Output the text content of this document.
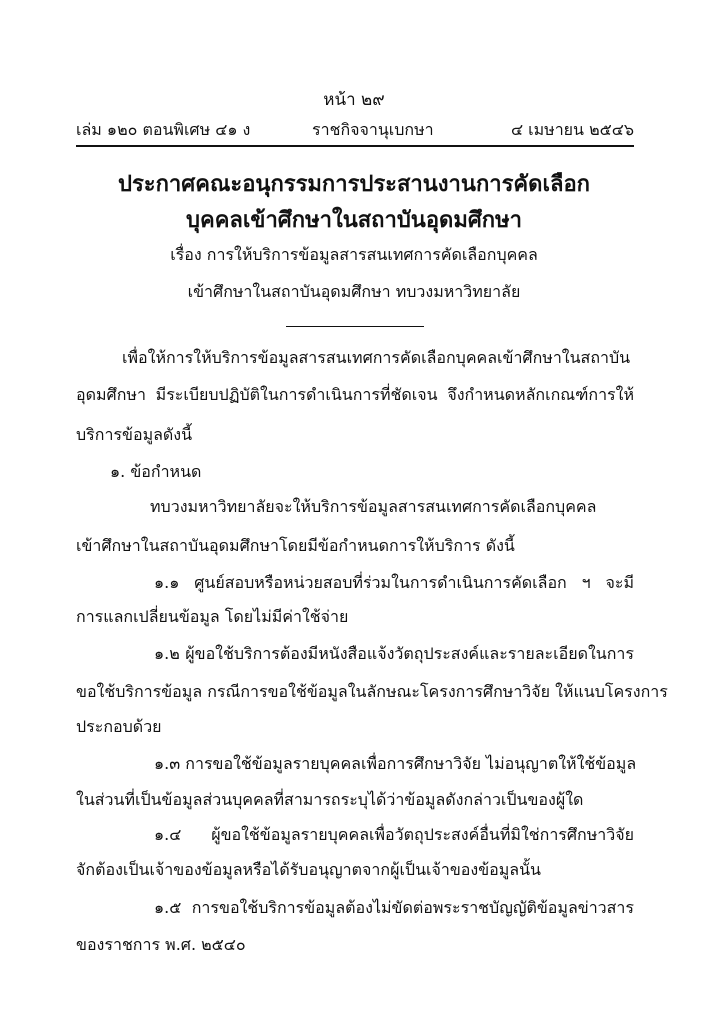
หน้า ๒๙
เล่ม ๑๒๐ ตอนพิเศษ ๔๑ ง	ราชกิจจานุเบกษา	๔ เมษายน ๒๕๔๖
ประกาศคณะอนุกรรมการประสานงานการคัดเลือก
บุคคลเข้าศึกษาในสถาบันอุดมศึกษา
เรื่อง การให้บริการข้อมูลสารสนเทศการคัดเลือกบุคคล
เข้าศึกษาในสถาบันอุดมศึกษา ทบวงมหาวิทยาลัย
เพื่อให้การให้บริการข้อมูลสารสนเทศการคัดเลือกบุคคลเข้าศึกษาในสถาบัน
อุดมศึกษา มีระเบียบปฏิบัติในการดำเนินการที่ชัดเจน จึงกำหนดหลักเกณฑ์การให้
บริการข้อมูลดังนี้
๑. ข้อกำหนด
ทบวงมหาวิทยาลัยจะให้บริการข้อมูลสารสนเทศการคัดเลือกบุคคล
เข้าศึกษาในสถาบันอุดมศึกษาโดยมีข้อกำหนดการให้บริการ ดังนี้
๑.๑ ศูนย์สอบหรือหน่วยสอบที่ร่วมในการดำเนินการคัดเลือก ฯ จะมี
การแลกเปลี่ยนข้อมูล โดยไม่มีค่าใช้จ่าย
๑.๒ ผู้ขอใช้บริการต้องมีหนังสือแจ้งวัตถุประสงค์และรายละเอียดในการ
ขอใช้บริการข้อมูล กรณีการขอใช้ข้อมูลในลักษณะโครงการศึกษาวิจัย ให้แนบโครงการ
ประกอบด้วย
๑.๓ การขอใช้ข้อมูลรายบุคคลเพื่อการศึกษาวิจัย ไม่อนุญาตให้ใช้ข้อมูล
ในส่วนที่เป็นข้อมูลส่วนบุคคลที่สามารถระบุได้ว่าข้อมูลดังกล่าวเป็นของผู้ใด
๑.๔ ผู้ขอใช้ข้อมูลรายบุคคลเพื่อวัตถุประสงค์อื่นที่มิใช่การศึกษาวิจัย
จักต้องเป็นเจ้าของข้อมูลหรือได้รับอนุญาตจากผู้เป็นเจ้าของข้อมูลนั้น
๑.๕ การขอใช้บริการข้อมูลต้องไม่ขัดต่อพระราชบัญญัติข้อมูลข่าวสาร
ของราชการ พ.ศ. ๒๕๔๐
